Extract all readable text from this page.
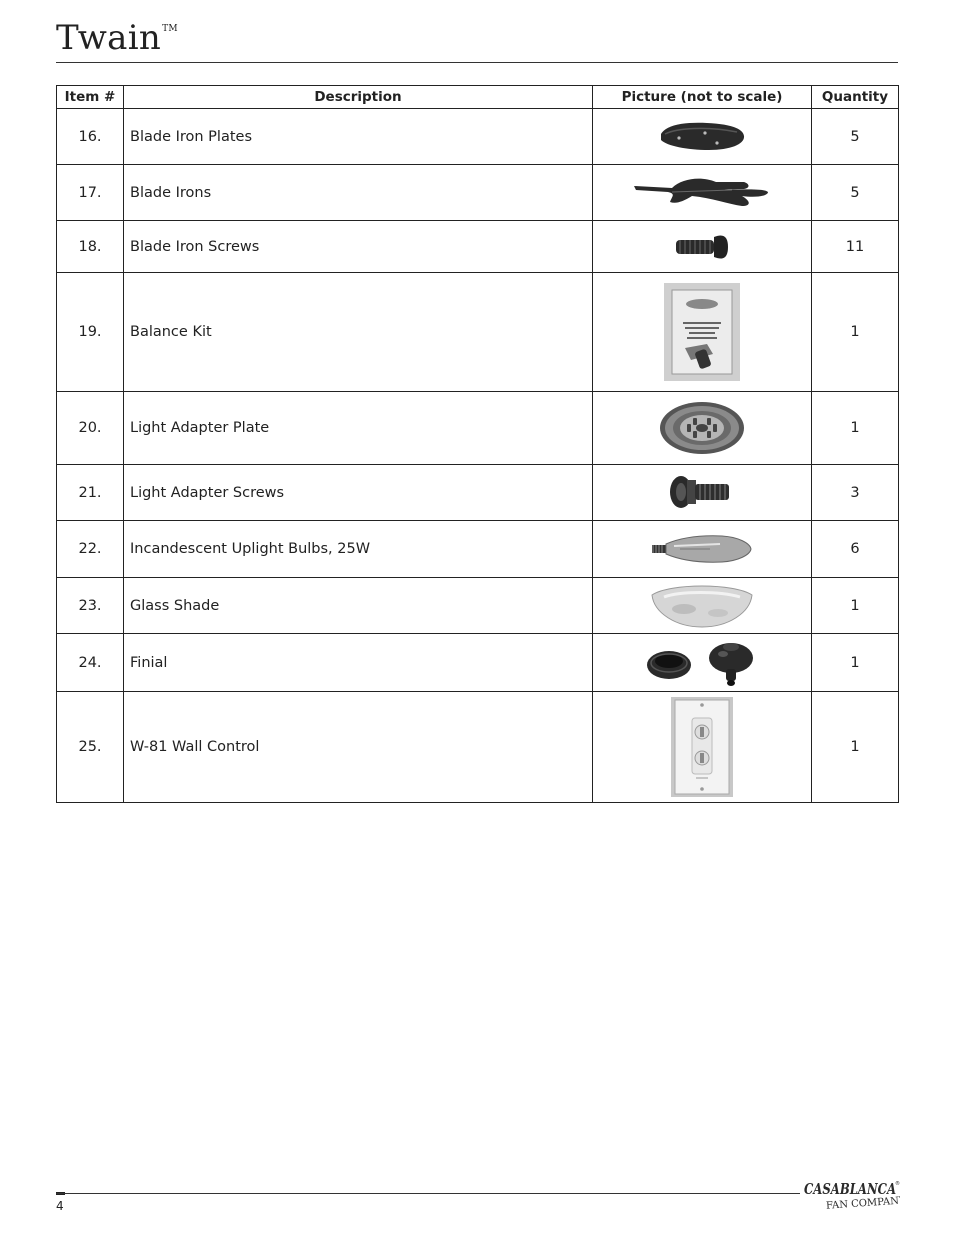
Twain™
Item #	Description	Picture (not to scale)	Quantity
16.	Blade Iron Plates		5
17.	Blade Irons		5
18.	Blade Iron Screws		11
19.	Balance Kit		1
20.	Light Adapter Plate		1
21.	Light Adapter Screws		3
22.	Incandescent Uplight Bulbs, 25W		6
23.	Glass Shade		1
24.	Finial		1
25.	W-81 Wall Control		1
4
CASABLANCA
FAN COMPANY
®
